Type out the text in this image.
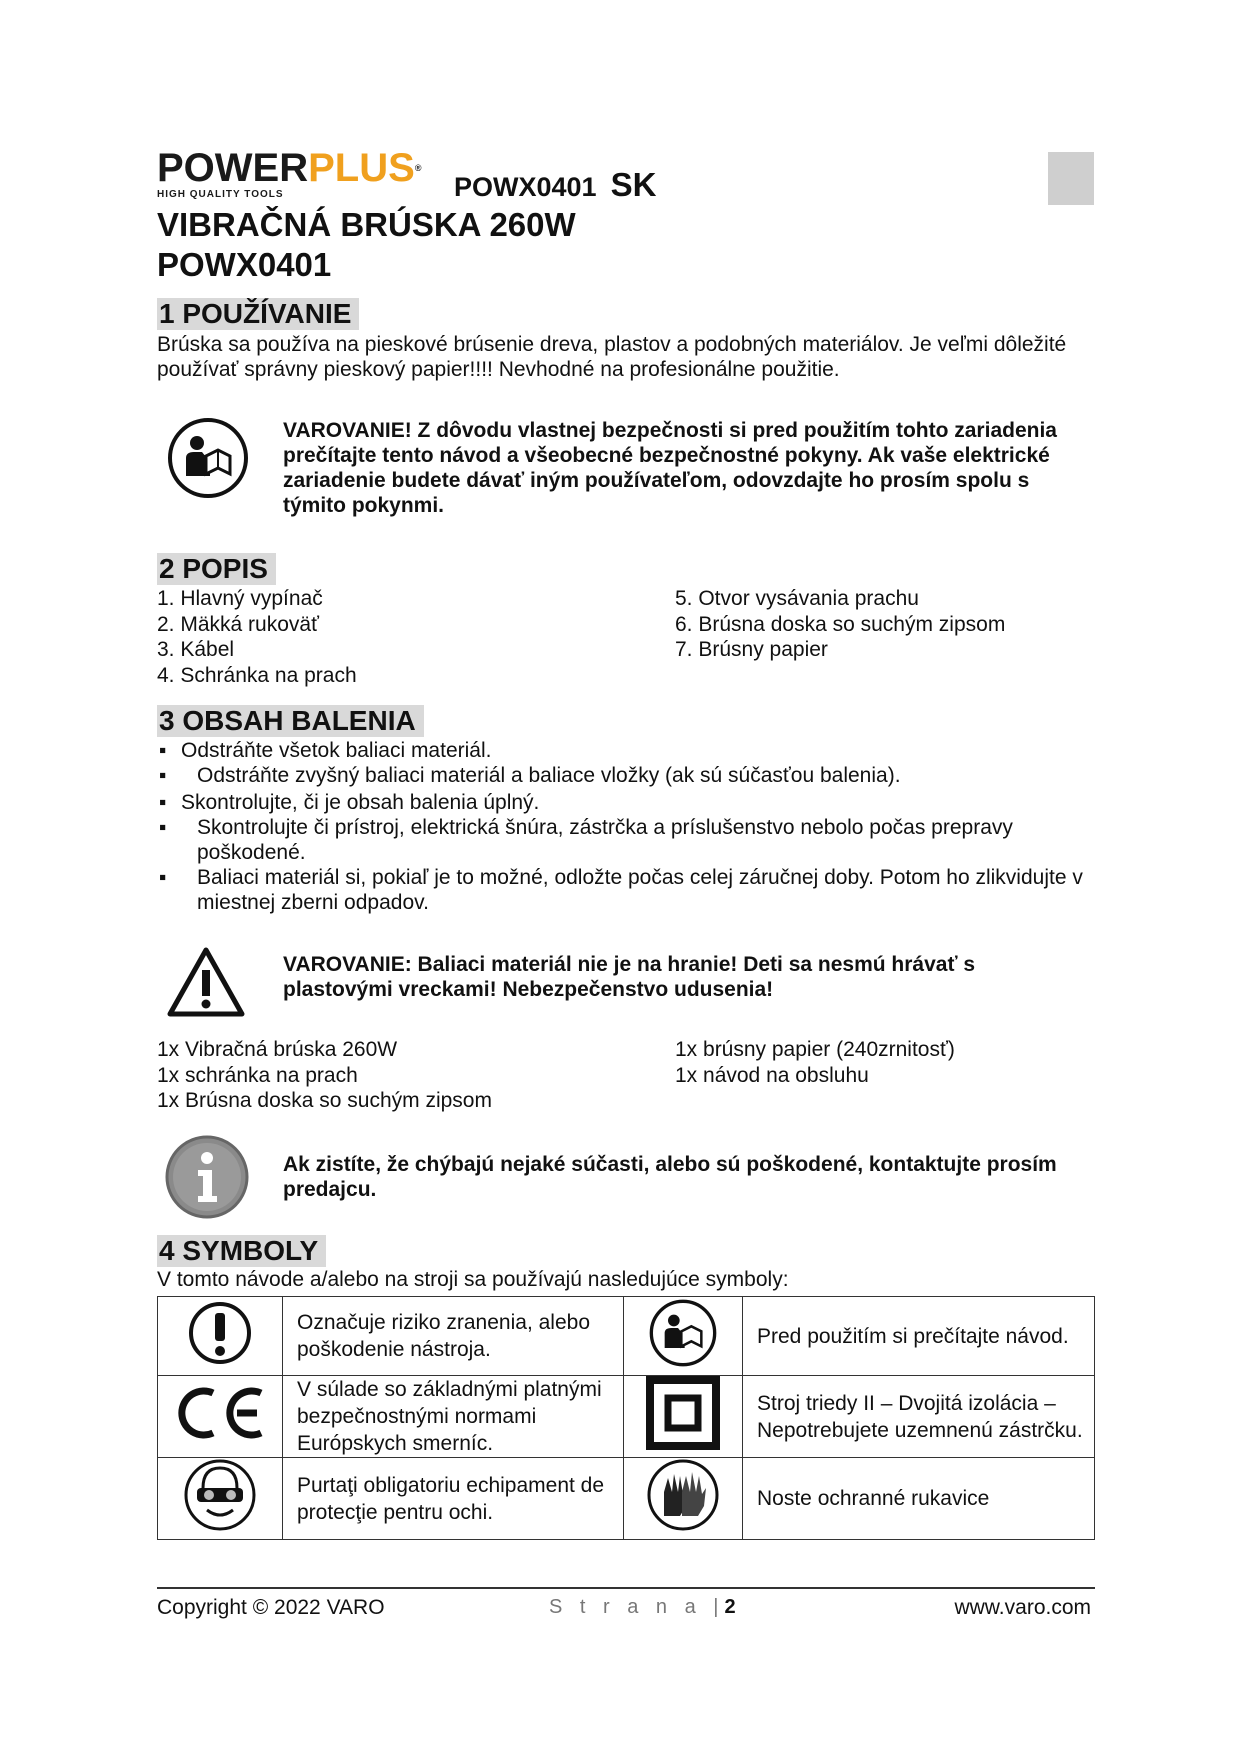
POWERPLUS®
HIGH QUALITY TOOLS	POWX0401 SK
VIBRAČNÁ BRÚSKA 260W
POWX0401
1 POUŽÍVANIE
Brúska sa používa na pieskové brúsenie dreva, plastov a podobných materiálov. Je veľmi dôležité používať správny pieskový papier!!!! Nevhodné na profesionálne použitie.
VAROVANIE! Z dôvodu vlastnej bezpečnosti si pred použitím tohto zariadenia prečítajte tento návod a všeobecné bezpečnostné pokyny. Ak vaše elektrické zariadenie budete dávať iným používateľom, odovzdajte ho prosím spolu s týmito pokynmi.
2 POPIS
1. Hlavný vypínač
2. Mäkká rukoväť
3. Kábel
4. Schránka na prach
5. Otvor vysávania prachu
6. Brúsna doska so suchým zipsom
7. Brúsny papier
3 OBSAH BALENIA
▪ Odstráňte všetok baliaci materiál.
▪ Odstráňte zvyšný baliaci materiál a baliace vložky (ak sú súčasťou balenia).
▪ Skontrolujte, či je obsah balenia úplný.
▪ Skontrolujte či prístroj, elektrická šnúra, zástrčka a príslušenstvo nebolo počas prepravy poškodené.
▪ Baliaci materiál si, pokiaľ je to možné, odložte počas celej záručnej doby. Potom ho zlikvidujte v miestnej zberni odpadov.
VAROVANIE: Baliaci materiál nie je na hranie! Deti sa nesmú hrávať s plastovými vreckami! Nebezpečenstvo udusenia!
1x Vibračná brúska 260W
1x schránka na prach
1x Brúsna doska so suchým zipsom
1x brúsny papier (240zrnitosť)
1x návod na obsluhu
Ak zistíte, že chýbajú nejaké súčasti, alebo sú poškodené, kontaktujte prosím predajcu.
4 SYMBOLY
V tomto návode a/alebo na stroji sa používajú nasledujúce symboly:
	Označuje riziko zranenia, alebo poškodenie nástroja.		Pred použitím si prečítajte návod.
	V súlade so základnými platnými bezpečnostnými normami Európskych smerníc.		Stroj triedy II – Dvojitá izolácia – Nepotrebujete uzemnenú zástrčku.
	Purtaţi obligatoriu echipament de protecţie pentru ochi.		Noste ochranné rukavice
Copyright © 2022 VARO	S t r a n a |2	www.varo.com
